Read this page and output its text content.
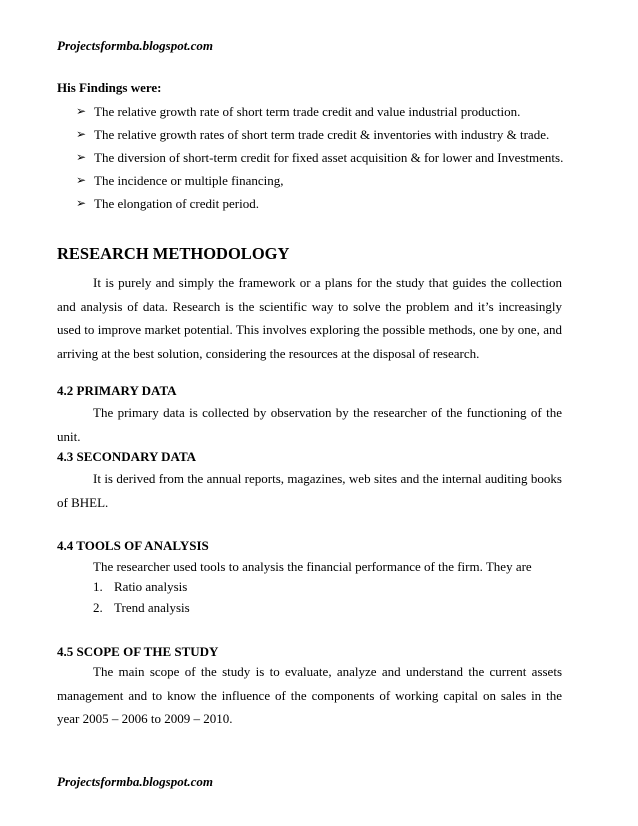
Projectsformba.blogspot.com
His Findings were:
➢ The relative growth rate of short term trade credit and value industrial production.
➢ The relative growth rates of short term trade credit & inventories with industry & trade.
➢ The diversion of short-term credit for fixed asset acquisition & for lower and Investments.
➢ The incidence or multiple financing,
➢ The elongation of credit period.
RESEARCH METHODOLOGY

It is purely and simply the framework or a plans for the study that guides the collection and analysis of data. Research is the scientific way to solve the problem and it’s increasingly used to improve market potential. This involves exploring the possible methods, one by one, and arriving at the best solution, considering the resources at the disposal of research.

4.2 PRIMARY DATA

The primary data is collected by observation by the researcher of the functioning of the unit.

4.3 SECONDARY DATA

It is derived from the annual reports, magazines, web sites and the internal auditing books of BHEL.

4.4 TOOLS OF ANALYSIS

The researcher used tools to analysis the financial performance of the firm. They are

1. Ratio analysis
2. Trend analysis
4.5 SCOPE OF THE STUDY

The main scope of the study is to evaluate, analyze and understand the current assets management and to know the influence of the components of working capital on sales in the year 2005 – 2006 to 2009 – 2010.

Projectsformba.blogspot.com
